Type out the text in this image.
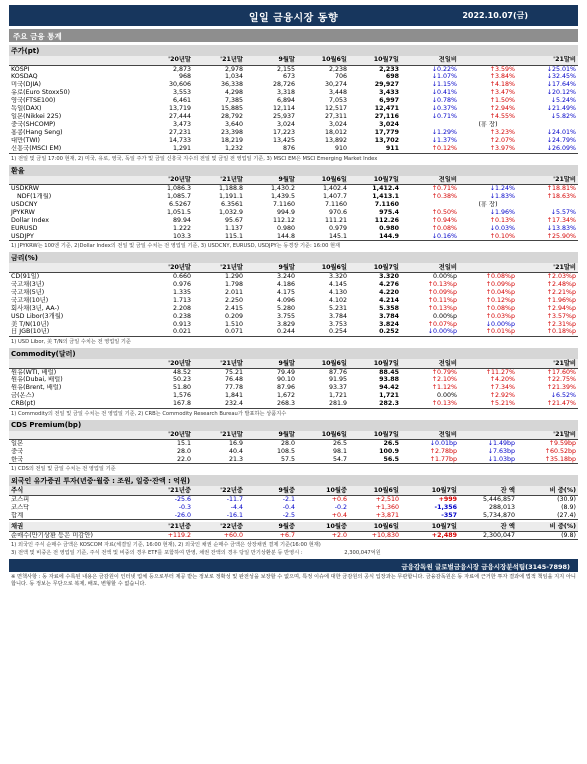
일일 금융시장 동향	2022.10.07(금)
주요 금융 통계
주가(pt)
	'20년말	'21년말	9월말	10월6일	10월7일	전일비		'21말비
KOSPI	2,873	2,978	2,155	2,238	2,233	↓0.22%	↑3.59%	↓25.01%
KOSDAQ	968	1,034	673	706	698	↓1.07%	↑3.84%	↓32.45%
미국(DJIA)	30,606	36,338	28,726	30,274	29,927	↓1.15%	↑4.18%	↓17.64%
유로(Euro Stoxx50)	3,553	4,298	3,318	3,448	3,433	↓0.41%	↑3.47%	↓20.12%
영국(FTSE100)	6,461	7,385	6,894	7,053	6,997	↓0.78%	↑1.50%	↓5.24%
독일(DAX)	13,719	15,885	12,114	12,517	12,471	↓0.37%	↑2.94%	↓21.49%
일본(Nikkei 225)	27,444	28,792	25,937	27,311	27,116	↓0.71%	↑4.55%	↓5.82%
중국(SHCOMP)	3,473	3,640	3,024	3,024	3,024		(휴 장)	
홍콩(Hang Seng)	27,231	23,398	17,223	18,012	17,779	↓1.29%	↑3.23%	↓24.01%
대만(TWI)	14,733	18,219	13,425	13,892	13,702	↓1.37%	↑2.07%	↓24.79%
신흥국(MSCI EM)	1,291	1,232	876	910	911	↑0.12%	↑3.97%	↓26.09%
1) 전일 및 금일 17:00 현재, 2) 미국, 유로, 영국, 독일 주가 및 금일 신흥국 지수의 전일 및 금일 전 영업일 기준, 3) MSCI EM은 MSCI Emerging Market Index
환율
	'20년말	'21년말	9월말	10월6일	10월7일	전일비		'21말비
USDKRW	1,086.3	1,188.8	1,430.2	1,402.4	1,412.4	↑0.71%	↓1.24%	↑18.81%
NDF(1개월)	1,085.7	1,191.1	1,439.5	1,407.7	1,413.1	↑0.38%	↓1.83%	↑18.63%
USDCNY	6.5267	6.3561	7.1160	7.1160	7.1160		(휴 장)	
JPYKRW	1,051.5	1,032.9	994.9	970.6	975.4	↑0.50%	↓1.96%	↓5.57%
Dollar Index	89.94	95.67	112.12	111.21	112.26	↑0.94%	↑0.13%	↑17.34%
EURUSD	1.222	1.137	0.980	0.979	0.980	↑0.08%	↓0.03%	↓13.83%
USDJPY	103.3	115.1	144.8	145.1	144.9	↓0.16%	↑0.10%	↑25.90%
1) JPYKRW는 100엔 기준, 2)Dollar Index의 전일 및 금일 수치는 전 영업일 기준, 3) USDCNY, EURUSD, USDJPY는 동경장 기준: 16:00 현재
금리(%)
	'20년말	'21년말	9월말	10월6일	10월7일	전일비		'21말비
CD(91일)	0.660	1.290	3.240	3.320	3.320	0.00%p	↑0.08%p	↑2.03%p
국고채(3년)	0.976	1.798	4.186	4.145	4.276	↑0.13%p	↑0.09%p	↑2.48%p
국고채(5년)	1.335	2.011	4.175	4.130	4.220	↑0.09%p	↑0.04%p	↑2.21%p
국고채(10년)	1.713	2.250	4.096	4.102	4.214	↑0.11%p	↑0.12%p	↑1.96%p
회사채(3년, AA-)	2.208	2.415	5.280	5.231	5.358	↑0.13%p	↑0.08%p	↑2.94%p
USD Libor(3개월)	0.238	0.209	3.755	3.784	3.784	0.00%p	↑0.03%p	↑3.57%p
美 T/N(10년)	0.913	1.510	3.829	3.753	3.824	↑0.07%p	↓0.00%p	↑2.31%p
日 JGB(10년)	0.021	0.071	0.244	0.254	0.252	↓0.00%p	↑0.01%p	↑0.18%p
1) USD Libor, 美 T/N의 금일 수치는 전 영업일 기준
Commodity(달러)
	'20년말	'21년말	9월말	10월6일	10월7일	전일비		'21말비
원유(WTI, 배럴)	48.52	75.21	79.49	87.76	88.45	↑0.79%	↑11.27%	↑17.60%
원유(Dubai, 배럴)	50.23	76.48	90.10	91.95	93.88	↑2.10%	↑4.20%	↑22.75%
원유(Brent, 배럴)	51.80	77.78	87.96	93.37	94.42	↑1.12%	↑7.34%	↑21.39%
금(온스)	1,576	1,841	1,672	1,721	1,721	0.00%	↑2.92%	↓6.52%
CRB(pt)	167.8	232.4	268.3	281.9	282.3	↑0.13%	↑5.21%	↑21.47%
1) Commodity의 전일 및 금일 수치는 전 영업일 기준, 2) CRB는 Commodity Research Bureau가 발표하는 상품지수
CDS Premium(bp)
	'20년말	'21년말	9월말	10월6일	10월7일	전일비		'21말비
일본	15.1	16.9	28.0	26.5	26.5	↓0.01bp	↓1.49bp	↑9.59bp
중국	28.0	40.4	108.5	98.1	100.9	↑2.78bp	↓7.63bp	↑60.52bp
한국	22.0	21.3	57.5	54.7	56.5	↑1.77bp	↓1.03bp	↑35.18bp
1) CDS의 전일 및 금일 수치는 전 영업일 기준
외국인 유가증권 투자(년중·월중 : 조원, 일중·잔액 : 억원)
주식	'21년중	'22년중	9월중	10월중	10월6일	10월7일	잔 액	비 중(%)
코스피	-25.6	-11.7	-2.1	+0.6	+2,510	+999	5,446,857	(30.9)
코스닥	-0.3	-4.4	-0.4	-0.2	+1,360	-1,356	288,013	(8.9)
합계	-26.0	-16.1	-2.5	+0.4	+3,871	-357	5,734,870	(27.4)
채권	'21년중	'22년중	9월중	10월중	10월6일	10월7일	잔 액	비 중(%)
순매수(만기상환 등은 미감안)	+119.2	+60.0	+6.7	+2.0	+10,830	+2,489	2,300,047	(9.8)
1) 외국인 주식 순매수 금액은 KOSCOM 자료(체결일 기준, 16:00 현재), 2) 외국인 채권 순매수 금액은 상장채권 결제 기준(16:00 현재)
3) 전액 및 비중은 전 영업일 기준, 주식 전액 및 비중의 경우 ETF를 포함하여 반영, 채권 잔액의 경우 당일 만기상환분 등 반영시 :	2,300,047억원
금융감독원 글로벌금융시장 금융시장분석팀(3145-7898)
※ 면책사항 : 동 자료에 수록된 내용은 금감원이 인터넷 업체 등으로부터 제공 받는 정보로 정확성 및 완전성을 보장할 수 없으며, 특정 이슈에 대한 금감원의 공식 입장과는 무관합니다. 금융감독원은 동 자료에 근거한 투자 결과에 법적 책임을 지지 아니합니다. 동 정보는 무단으로 복제, 배포, 변형할 수 없습니다.
